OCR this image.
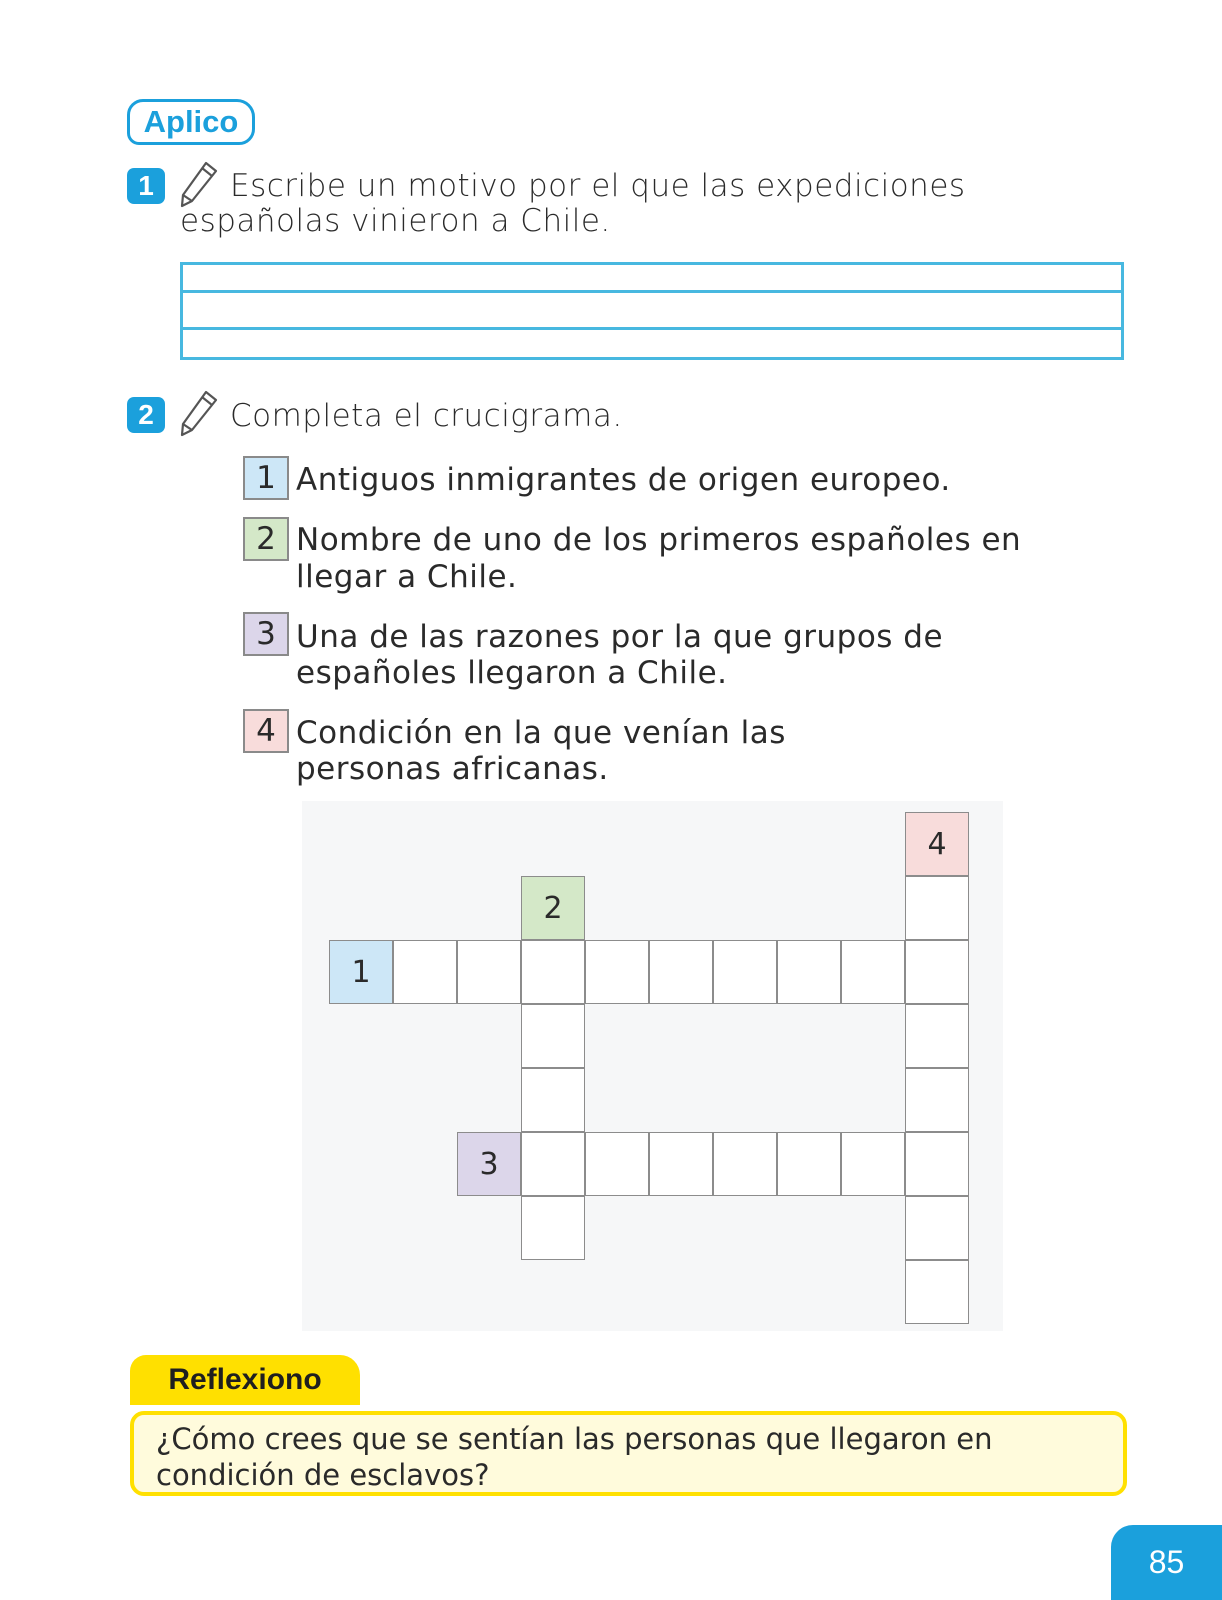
Aplico
1	Escribe un motivo por el que las expediciones
españolas vinieron a Chile.
2	Completa el crucigrama.
1 Antiguos inmigrantes de origen europeo.
2 Nombre de uno de los primeros españoles en
llegar a Chile.
3 Una de las razones por la que grupos de
españoles llegaron a Chile.
4 Condición en la que venían las
personas africanas.
1
2
3
4
Reflexiono
¿Cómo crees que se sentían las personas que llegaron en
condición de esclavos?
85
